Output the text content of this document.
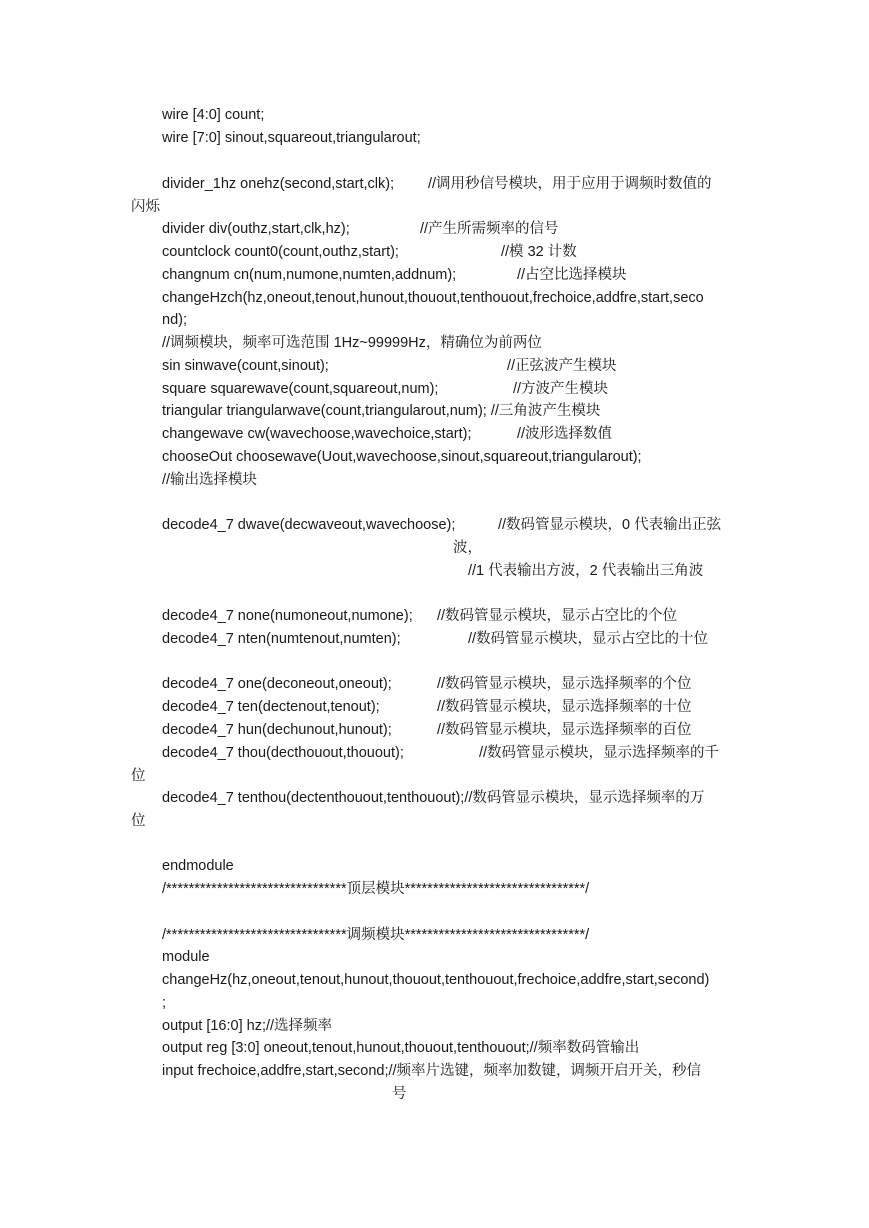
wire [4:0] count;
wire [7:0] sinout,squareout,triangularout;
divider_1hz onehz(second,start,clk); //调用秒信号模块，用于应用于调频时数值的
闪烁
divider div(outhz,start,clk,hz);	//产生所需频率的信号
countclock count0(count,outhz,start);	//模 32 计数
changnum cn(num,numone,numten,addnum);	//占空比选择模块
changeHzch(hz,oneout,tenout,hunout,thouout,tenthouout,frechoice,addfre,start,seco
nd);
//调频模块，频率可选范围 1Hz~99999Hz，精确位为前两位
sin sinwave(count,sinout);	//正弦波产生模块
square squarewave(count,squareout,num);	//方波产生模块
triangular triangularwave(count,triangularout,num); //三角波产生模块
changewave cw(wavechoose,wavechoice,start);	//波形选择数值
chooseOut choosewave(Uout,wavechoose,sinout,squareout,triangularout);
//输出选择模块
decode4_7 dwave(decwaveout,wavechoose);	//数码管显示模块，0 代表输出正弦
波，
//1 代表输出方波，2 代表输出三角波
decode4_7 none(numoneout,numone); //数码管显示模块，显示占空比的个位
decode4_7 nten(numtenout,numten);	//数码管显示模块，显示占空比的十位
decode4_7 one(deconeout,oneout);	//数码管显示模块，显示选择频率的个位
decode4_7 ten(dectenout,tenout);	//数码管显示模块，显示选择频率的十位
decode4_7 hun(dechunout,hunout);	//数码管显示模块，显示选择频率的百位
decode4_7 thou(decthouout,thouout);	//数码管显示模块，显示选择频率的千
位
decode4_7 tenthou(dectenthouout,tenthouout);//数码管显示模块，显示选择频率的万
位
endmodule
/********************************顶层模块********************************/
/********************************调频模块********************************/
module
changeHz(hz,oneout,tenout,hunout,thouout,tenthouout,frechoice,addfre,start,second)
;
output [16:0] hz;//选择频率
output reg [3:0] oneout,tenout,hunout,thouout,tenthouout;//频率数码管输出
input frechoice,addfre,start,second;//频率片选键，频率加数键，调频开启开关，秒信
号
